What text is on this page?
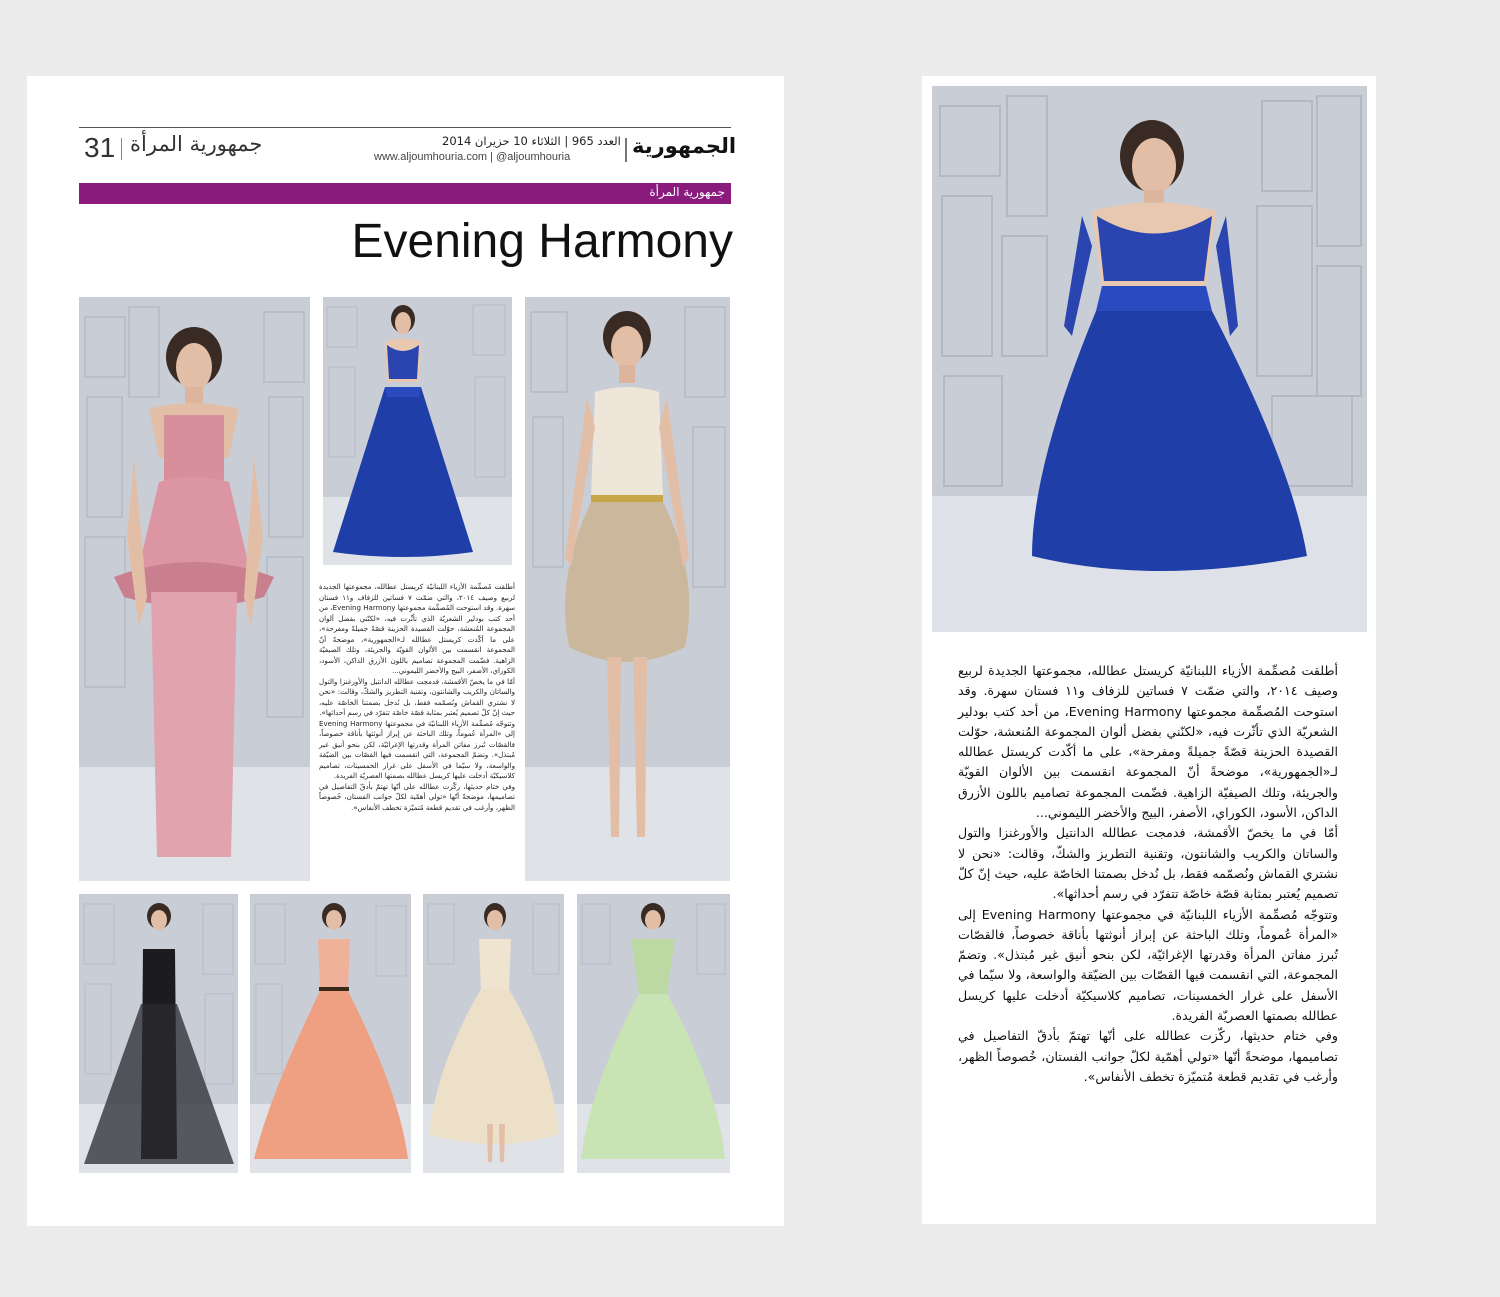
31 جمهورية المرأة	العدد 965 | الثلاثاء 10 حزيران 2014
www.aljoumhouria.com | @aljoumhouria	الجمهورية
جمهورية المرأة
Evening Harmony

أطلقت مُصمِّمة الأزياء اللبنانيّة كريستل عطالله، مجموعتها الجديدة لربيع وصيف ٢٠١٤، والتي ضمّت ٧ فساتين للزفاف و١١ فستان سهرة. وقد استوحت المُصمِّمة مجموعتها Evening Harmony، من أحد كتب بودلير الشعريّة الذي تأثّرت فيه، «لكنّني بفضل ألوان المجموعة المُنعشة، حوّلت القصيدة الحزينة قصّةً جميلةً ومفرحة»، على ما أكّدت كريستل عطالله لـ«الجمهورية»، موضحةً أنّ المجموعة انقسمت بين الألوان القويّة والجريئة، وتلك الصيفيّة الزاهية. فضّمت المجموعة تصاميم باللون الأزرق الداكن، الأسود، الكوراي، الأصفر، البيج والأخضر الليموني...

أمّا في ما يخصّ الأقمشة، فدمجت عطالله الدانتيل والأورغنزا والتول والساتان والكريب والشانتون، وتقنية التطريز والشكّ، وقالت: «نحن لا نشتري القماش ونُصمّمه فقط، بل نُدخل بصمتنا الخاصّة عليه، حيث إنّ كلّ تصميم يُعتبر بمثابة قصّة خاصّة تتفرّد في رسم أحداثها».

وتتوجّه مُصمِّمة الأزياء اللبنانيّة في مجموعتها Evening Harmony إلى «المرأة عُموماً، وتلك الباحثة عن إبراز أنوثتها بأناقة خصوصاً، فالقصّات تُبرز مفاتن المرأة وقدرتها الإغرائيّة، لكن بنحو أنيق غير مُبتذل». وتضمّ المجموعة، التي انقسمت فيها القصّات بين الضيّقة والواسعة، ولا سيّما في الأسفل على غرار الخمسينات، تصاميم كلاسيكيّة أدخلت عليها كريسل عطالله بصمتها العصريّة الفريدة.

وفي ختام حديثها، ركّزت عطالله على أنّها تهتمّ بأدقّ التفاصيل في تصاميمها، موضحةً أنّها «تولي أهمّية لكلّ جوانب الفستان، خُصوصاً الظهر، وأرغب في تقديم قطعة مُتميّزة تخطف الأنفاس».

أطلقت مُصمِّمة الأزياء اللبنانيّة كريستل عطالله، مجموعتها الجديدة لربيع وصيف ٢٠١٤، والتي ضمّت ٧ فساتين للزفاف و١١ فستان سهرة. وقد استوحت المُصمِّمة مجموعتها Evening Harmony، من أحد كتب بودلير الشعريّة الذي تأثّرت فيه، «لكنّني بفضل ألوان المجموعة المُنعشة، حوّلت القصيدة الحزينة قصّةً جميلةً ومفرحة»، على ما أكّدت كريستل عطالله لـ«الجمهورية»، موضحةً أنّ المجموعة انقسمت بين الألوان القويّة والجريئة، وتلك الصيفيّة الزاهية. فضّمت المجموعة تصاميم باللون الأزرق الداكن، الأسود، الكوراي، الأصفر، البيج والأخضر الليموني...

أمّا في ما يخصّ الأقمشة، فدمجت عطالله الدانتيل والأورغنزا والتول والساتان والكريب والشانتون، وتقنية التطريز والشكّ، وقالت: «نحن لا نشتري القماش ونُصمّمه فقط، بل نُدخل بصمتنا الخاصّة عليه، حيث إنّ كلّ تصميم يُعتبر بمثابة قصّة خاصّة تتفرّد في رسم أحداثها».

وتتوجّه مُصمِّمة الأزياء اللبنانيّة في مجموعتها Evening Harmony إلى «المرأة عُموماً، وتلك الباحثة عن إبراز أنوثتها بأناقة خصوصاً، فالقصّات تُبرز مفاتن المرأة وقدرتها الإغرائيّة، لكن بنحو أنيق غير مُبتذل». وتضمّ المجموعة، التي انقسمت فيها القصّات بين الضيّقة والواسعة، ولا سيّما في الأسفل على غرار الخمسينات، تصاميم كلاسيكيّة أدخلت عليها كريسل عطالله بصمتها العصريّة الفريدة.

وفي ختام حديثها، ركّزت عطالله على أنّها تهتمّ بأدقّ التفاصيل في تصاميمها، موضحةً أنّها «تولي أهمّية لكلّ جوانب الفستان، خُصوصاً الظهر، وأرغب في تقديم قطعة مُتميّزة تخطف الأنفاس».
